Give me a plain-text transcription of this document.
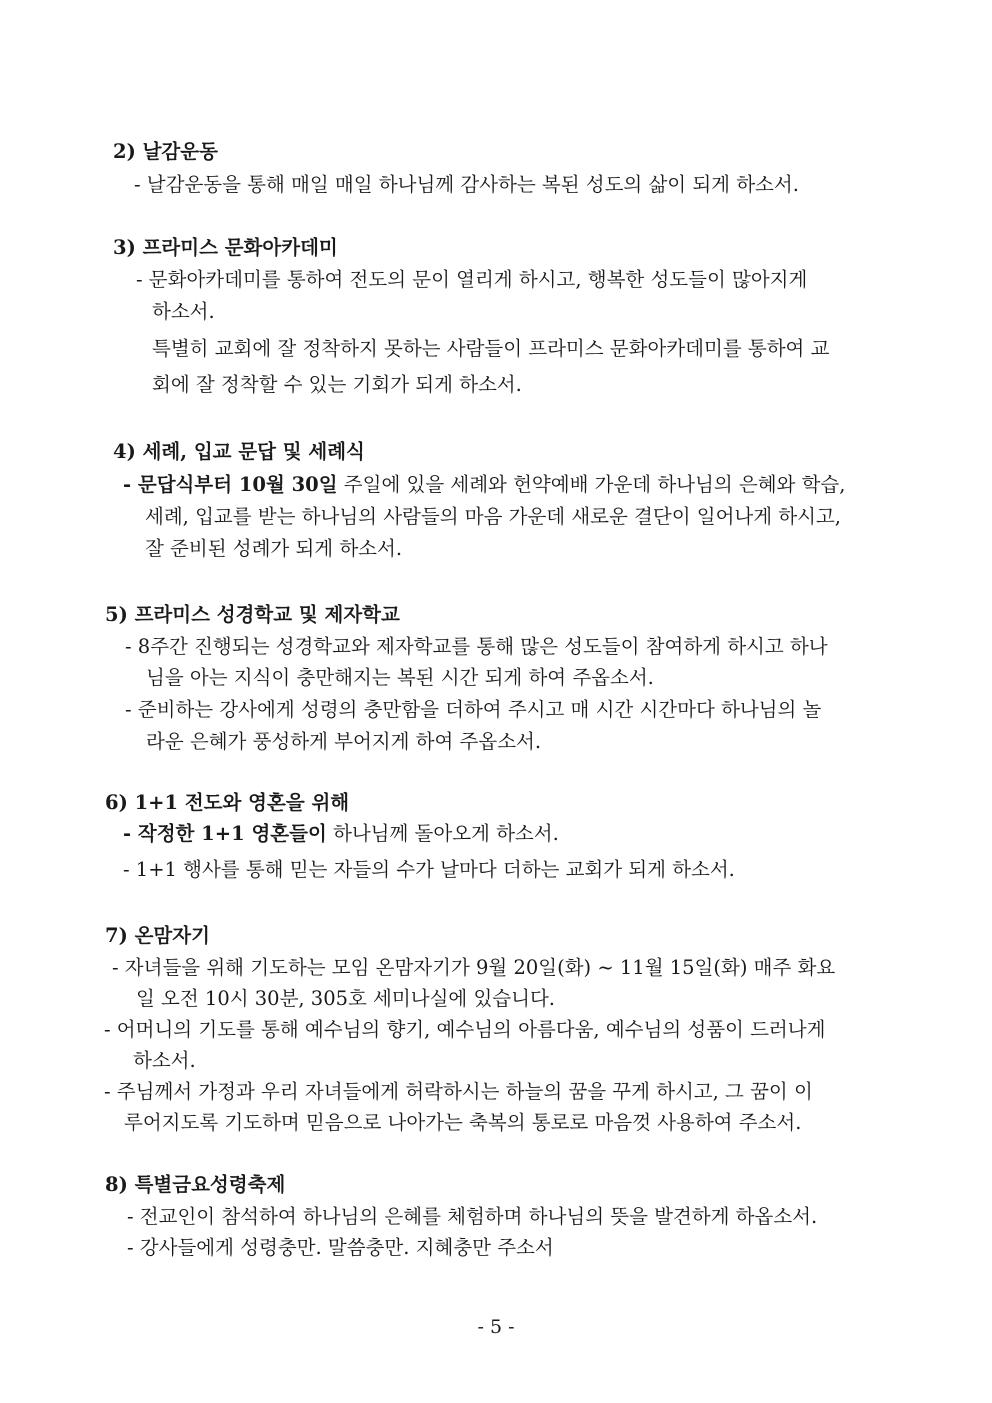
2) 날감운동
- 날감운동을 통해 매일 매일 하나님께 감사하는 복된 성도의 삶이 되게 하소서.
3) 프라미스 문화아카데미
- 문화아카데미를 통하여 전도의 문이 열리게 하시고, 행복한 성도들이 많아지게
하소서.
특별히 교회에 잘 정착하지 못하는 사람들이 프라미스 문화아카데미를 통하여 교
회에 잘 정착할 수 있는 기회가 되게 하소서.
4) 세례, 입교 문답 및 세례식
- 문답식부터 10월 30일 주일에 있을 세례와 헌약예배 가운데 하나님의 은혜와 학습,
세례, 입교를 받는 하나님의 사람들의 마음 가운데 새로운 결단이 일어나게 하시고,
잘 준비된 성례가 되게 하소서.
5) 프라미스 성경학교 및 제자학교
- 8주간 진행되는 성경학교와 제자학교를 통해 많은 성도들이 참여하게 하시고 하나
님을 아는 지식이 충만해지는 복된 시간 되게 하여 주옵소서.
- 준비하는 강사에게 성령의 충만함을 더하여 주시고 매 시간 시간마다 하나님의 놀
라운 은혜가 풍성하게 부어지게 하여 주옵소서.
6) 1+1 전도와 영혼을 위해
- 작정한 1+1 영혼들이 하나님께 돌아오게 하소서.
- 1+1 행사를 통해 믿는 자들의 수가 날마다 더하는 교회가 되게 하소서.
7) 온맘자기
- 자녀들을 위해 기도하는 모임 온맘자기가 9월 20일(화) ~ 11월 15일(화) 매주 화요
일 오전 10시 30분, 305호 세미나실에 있습니다.
- 어머니의 기도를 통해 예수님의 향기, 예수님의 아름다움, 예수님의 성품이 드러나게
하소서.
- 주님께서 가정과 우리 자녀들에게 허락하시는 하늘의 꿈을 꾸게 하시고, 그 꿈이 이
루어지도록 기도하며 믿음으로 나아가는 축복의 통로로 마음껏 사용하여 주소서.
8) 특별금요성령축제
- 전교인이 참석하여 하나님의 은혜를 체험하며 하나님의 뜻을 발견하게 하옵소서.
- 강사들에게 성령충만. 말씀충만. 지혜충만 주소서
- 5 -
